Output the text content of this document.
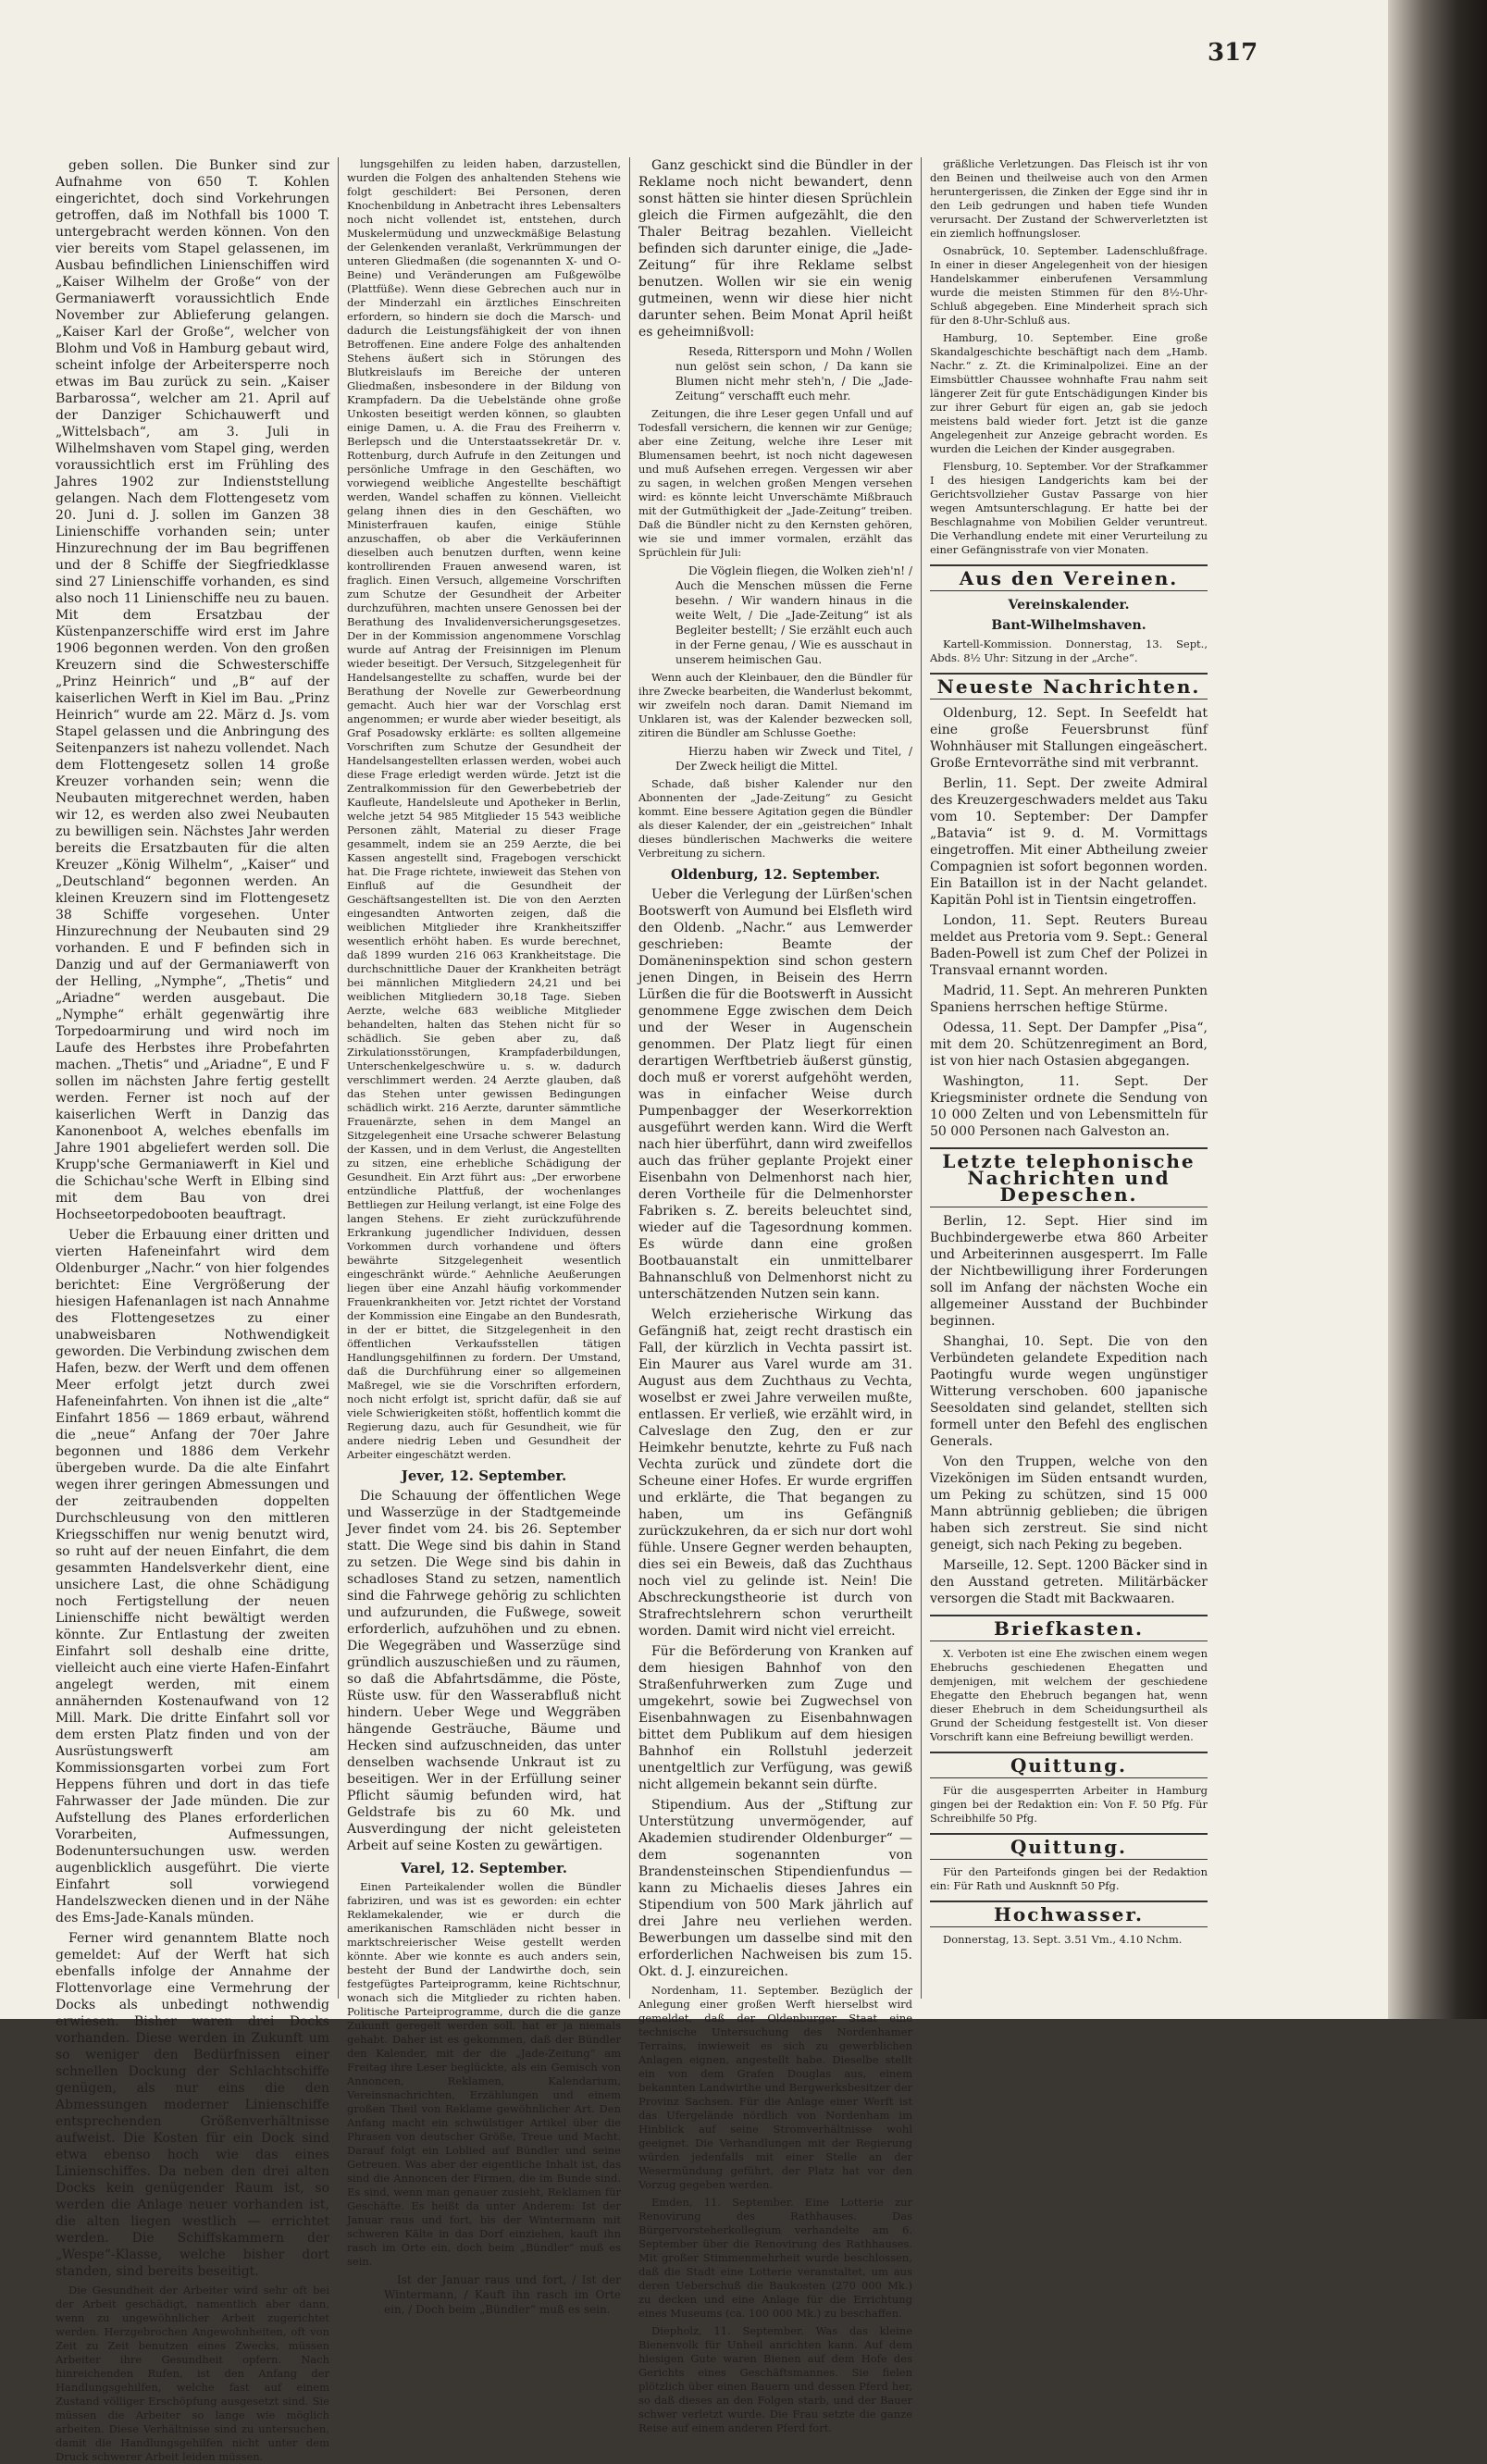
317

geben sollen. Die Bunker sind zur Aufnahme von 650 T. Kohlen eingerichtet, doch sind Vorkehrungen getroffen, daß im Nothfall bis 1000 T. untergebracht werden können. Von den vier bereits vom Stapel gelassenen, im Ausbau befindlichen Linienschiffen wird „Kaiser Wilhelm der Große“ von der Germaniawerft voraussichtlich Ende November zur Ablieferung gelangen. „Kaiser Karl der Große“, welcher von Blohm und Voß in Hamburg gebaut wird, scheint infolge der Arbeitersperre noch etwas im Bau zurück zu sein. „Kaiser Barbarossa“, welcher am 21. April auf der Danziger Schichauwerft und „Wittelsbach“, am 3. Juli in Wilhelmshaven vom Stapel ging, werden voraussichtlich erst im Frühling des Jahres 1902 zur Indienststellung gelangen. Nach dem Flottengesetz vom 20. Juni d. J. sollen im Ganzen 38 Linienschiffe vorhanden sein; unter Hinzurechnung der im Bau begriffenen und der 8 Schiffe der Siegfriedklasse sind 27 Linienschiffe vorhanden, es sind also noch 11 Linienschiffe neu zu bauen. Mit dem Ersatzbau der Küstenpanzerschiffe wird erst im Jahre 1906 begonnen werden. Von den großen Kreuzern sind die Schwesterschiffe „Prinz Heinrich“ und „B“ auf der kaiserlichen Werft in Kiel im Bau. „Prinz Heinrich“ wurde am 22. März d. Js. vom Stapel gelassen und die Anbringung des Seitenpanzers ist nahezu vollendet. Nach dem Flottengesetz sollen 14 große Kreuzer vorhanden sein; wenn die Neubauten mitgerechnet werden, haben wir 12, es werden also zwei Neubauten zu bewilligen sein. Nächstes Jahr werden bereits die Ersatzbauten für die alten Kreuzer „König Wilhelm“, „Kaiser“ und „Deutschland“ begonnen werden. An kleinen Kreuzern sind im Flottengesetz 38 Schiffe vorgesehen. Unter Hinzurechnung der Neubauten sind 29 vorhanden. E und F befinden sich in Danzig und auf der Germaniawerft von der Helling, „Nymphe“, „Thetis“ und „Ariadne“ werden ausgebaut. Die „Nymphe“ erhält gegenwärtig ihre Torpedoarmirung und wird noch im Laufe des Herbstes ihre Probefahrten machen. „Thetis“ und „Ariadne“, E und F sollen im nächsten Jahre fertig gestellt werden. Ferner ist noch auf der kaiserlichen Werft in Danzig das Kanonenboot A, welches ebenfalls im Jahre 1901 abgeliefert werden soll. Die Krupp'sche Germaniawerft in Kiel und die Schichau'sche Werft in Elbing sind mit dem Bau von drei Hochseetorpedobooten beauftragt.

Ueber die Erbauung einer dritten und vierten Hafeneinfahrt wird dem Oldenburger „Nachr.“ von hier folgendes berichtet: Eine Vergrößerung der hiesigen Hafenanlagen ist nach Annahme des Flottengesetzes zu einer unabweisbaren Nothwendigkeit geworden. Die Verbindung zwischen dem Hafen, bezw. der Werft und dem offenen Meer erfolgt jetzt durch zwei Hafeneinfahrten. Von ihnen ist die „alte“ Einfahrt 1856 — 1869 erbaut, während die „neue“ Anfang der 70er Jahre begonnen und 1886 dem Verkehr übergeben wurde. Da die alte Einfahrt wegen ihrer geringen Abmessungen und der zeitraubenden doppelten Durchschleusung von den mittleren Kriegsschiffen nur wenig benutzt wird, so ruht auf der neuen Einfahrt, die dem gesammten Handelsverkehr dient, eine unsichere Last, die ohne Schädigung noch Fertigstellung der neuen Linienschiffe nicht bewältigt werden könnte. Zur Entlastung der zweiten Einfahrt soll deshalb eine dritte, vielleicht auch eine vierte Hafen-Einfahrt angelegt werden, mit einem annähernden Kostenaufwand von 12 Mill. Mark. Die dritte Einfahrt soll vor dem ersten Platz finden und von der Ausrüstungswerft am Kommissionsgarten vorbei zum Fort Heppens führen und dort in das tiefe Fahrwasser der Jade münden. Die zur Aufstellung des Planes erforderlichen Vorarbeiten, Aufmessungen, Bodenuntersuchungen usw. werden augenblicklich ausgeführt. Die vierte Einfahrt soll vorwiegend Handelszwecken dienen und in der Nähe des Ems-Jade-Kanals münden.

Ferner wird genanntem Blatte noch gemeldet: Auf der Werft hat sich ebenfalls infolge der Annahme der Flottenvorlage eine Vermehrung der Docks als unbedingt nothwendig erwiesen. Bisher waren drei Docks vorhanden. Diese werden in Zukunft um so weniger den Bedürfnissen einer schnellen Dockung der Schlachtschiffe genügen, als nur eins die den Abmessungen moderner Linienschiffe entsprechenden Größenverhältnisse aufweist. Die Kosten für ein Dock sind etwa ebenso hoch wie das eines Linienschiffes. Da neben den drei alten Docks kein genügender Raum ist, so werden die Anlage neuer vorhanden ist, die alten liegen westlich — errichtet werden. Die Schiffskammern der „Wespe“-Klasse, welche bisher dort standen, sind bereits beseitigt.

Die Gesundheit der Arbeiter wird sehr oft bei der Arbeit geschädigt, namentlich aber dann, wenn zu ungewöhnlicher Arbeit zugerichtet werden. Herzgebrochen Angewohnheiten, oft von Zeit zu Zeit benutzen eines Zwecks, müssen Arbeiter ihre Gesundheit opfern. Nach hinreichenden Rufen, ist den Anfang der Handlungsgehilfen, welche fast auf einem Zustand völliger Erschöpfung ausgesetzt sind. Sie müssen die Arbeiter so lange wie möglich arbeiten. Diese Verhältnisse sind zu untersuchen, damit die Handlungsgehilfen nicht unter dem Druck schwerer Arbeit leiden müssen.

lungsgehilfen zu leiden haben, darzustellen, wurden die Folgen des anhaltenden Stehens wie folgt geschildert: Bei Personen, deren Knochenbildung in Anbetracht ihres Lebensalters noch nicht vollendet ist, entstehen, durch Muskelermüdung und unzweckmäßige Belastung der Gelenkenden veranlaßt, Verkrümmungen der unteren Gliedmaßen (die sogenannten X- und O-Beine) und Veränderungen am Fußgewölbe (Plattfüße). Wenn diese Gebrechen auch nur in der Minderzahl ein ärztliches Einschreiten erfordern, so hindern sie doch die Marsch- und dadurch die Leistungsfähigkeit der von ihnen Betroffenen. Eine andere Folge des anhaltenden Stehens äußert sich in Störungen des Blutkreislaufs im Bereiche der unteren Gliedmaßen, insbesondere in der Bildung von Krampfadern. Da die Uebelstände ohne große Unkosten beseitigt werden können, so glaubten einige Damen, u. A. die Frau des Freiherrn v. Berlepsch und die Unterstaatssekretär Dr. v. Rottenburg, durch Aufrufe in den Zeitungen und persönliche Umfrage in den Geschäften, wo vorwiegend weibliche Angestellte beschäftigt werden, Wandel schaffen zu können. Vielleicht gelang ihnen dies in den Geschäften, wo Ministerfrauen kaufen, einige Stühle anzuschaffen, ob aber die Verkäuferinnen dieselben auch benutzen durften, wenn keine kontrollirenden Frauen anwesend waren, ist fraglich. Einen Versuch, allgemeine Vorschriften zum Schutze der Gesundheit der Arbeiter durchzuführen, machten unsere Genossen bei der Berathung des Invalidenversicherungsgesetzes. Der in der Kommission angenommene Vorschlag wurde auf Antrag der Freisinnigen im Plenum wieder beseitigt. Der Versuch, Sitzgelegenheit für Handelsangestellte zu schaffen, wurde bei der Berathung der Novelle zur Gewerbeordnung gemacht. Auch hier war der Vorschlag erst angenommen; er wurde aber wieder beseitigt, als Graf Posadowsky erklärte: es sollten allgemeine Vorschriften zum Schutze der Gesundheit der Handelsangestellten erlassen werden, wobei auch diese Frage erledigt werden würde. Jetzt ist die Zentralkommission für den Gewerbebetrieb der Kaufleute, Handelsleute und Apotheker in Berlin, welche jetzt 54 985 Mitglieder 15 543 weibliche Personen zählt, Material zu dieser Frage gesammelt, indem sie an 259 Aerzte, die bei Kassen angestellt sind, Fragebogen verschickt hat. Die Frage richtete, inwieweit das Stehen von Einfluß auf die Gesundheit der Geschäftsangestellten ist. Die von den Aerzten eingesandten Antworten zeigen, daß die weiblichen Mitglieder ihre Krankheitsziffer wesentlich erhöht haben. Es wurde berechnet, daß 1899 wurden 216 063 Krankheitstage. Die durchschnittliche Dauer der Krankheiten beträgt bei männlichen Mitgliedern 24,21 und bei weiblichen Mitgliedern 30,18 Tage. Sieben Aerzte, welche 683 weibliche Mitglieder behandelten, halten das Stehen nicht für so schädlich. Sie geben aber zu, daß Zirkulationsstörungen, Krampfaderbildungen, Unterschenkelgeschwüre u. s. w. dadurch verschlimmert werden. 24 Aerzte glauben, daß das Stehen unter gewissen Bedingungen schädlich wirkt. 216 Aerzte, darunter sämmtliche Frauenärzte, sehen in dem Mangel an Sitzgelegenheit eine Ursache schwerer Belastung der Kassen, und in dem Verlust, die Angestellten zu sitzen, eine erhebliche Schädigung der Gesundheit. Ein Arzt führt aus: „Der erworbene entzündliche Plattfuß, der wochenlanges Bettliegen zur Heilung verlangt, ist eine Folge des langen Stehens. Er zieht zurückzuführende Erkrankung jugendlicher Individuen, dessen Vorkommen durch vorhandene und öfters bewährte Sitzgelegenheit wesentlich eingeschränkt würde.“ Aehnliche Aeußerungen liegen über eine Anzahl häufig vorkommender Frauenkrankheiten vor. Jetzt richtet der Vorstand der Kommission eine Eingabe an den Bundesrath, in der er bittet, die Sitzgelegenheit in den öffentlichen Verkaufsstellen tätigen Handlungsgehilfinnen zu fordern. Der Umstand, daß die Durchführung einer so allgemeinen Maßregel, wie sie die Vorschriften erfordern, noch nicht erfolgt ist, spricht dafür, daß sie auf viele Schwierigkeiten stößt, hoffentlich kommt die Regierung dazu, auch für Gesundheit, wie für andere niedrig Leben und Gesundheit der Arbeiter eingeschätzt werden.

Jever, 12. September.

Die Schauung der öffentlichen Wege und Wasserzüge in der Stadtgemeinde Jever findet vom 24. bis 26. September statt. Die Wege sind bis dahin in Stand zu setzen. Die Wege sind bis dahin in schadloses Stand zu setzen, namentlich sind die Fahrwege gehörig zu schlichten und aufzurunden, die Fußwege, soweit erforderlich, aufzuhöhen und zu ebnen. Die Wegegräben und Wasserzüge sind gründlich auszuschießen und zu räumen, so daß die Abfahrtsdämme, die Pöste, Rüste usw. für den Wasserabfluß nicht hindern. Ueber Wege und Weggräben hängende Gesträuche, Bäume und Hecken sind aufzuschneiden, das unter denselben wachsende Unkraut ist zu beseitigen. Wer in der Erfüllung seiner Pflicht säumig befunden wird, hat Geldstrafe bis zu 60 Mk. und Ausverdingung der nicht geleisteten Arbeit auf seine Kosten zu gewärtigen.

Varel, 12. September.

Einen Parteikalender wollen die Bündler fabriziren, und was ist es geworden: ein echter Reklamekalender, wie er durch die amerikanischen Ramschläden nicht besser in marktschreierischer Weise gestellt werden könnte. Aber wie konnte es auch anders sein, besteht der Bund der Landwirthe doch, sein festgefügtes Parteiprogramm, keine Richtschnur, wonach sich die Mitglieder zu richten haben. Politische Parteiprogramme, durch die die ganze Zukunft geregelt werden soll, hat er ja niemals gehabt. Daher ist es gekommen, daß der Bündler den Kalender, mit der die „Jade-Zeitung“ am Freitag ihre Leser beglückte, als ein Gemisch von Annoncen, Reklamen, Kalendarium, Vereinsnachrichten, Erzählungen und einem großen Theil von Reklame gewöhnlicher Art. Den Anfang macht ein schwülstiger Artikel über die Phrasen von deutscher Größe, Treue und Macht. Darauf folgt ein Loblied auf Bündler und seine Getreuen. Was aber der eigentliche Inhalt ist, das sind die Annoncen der Firmen, die im Bunde sind. Es sind, wenn man genauer zusieht, Reklamen für Geschäfte. Es heißt da unter Anderem: Ist der Januar raus und fort, bis der Wintermann mit schweren Kälte in das Dorf einziehen, kauft ihn rasch im Orte ein, doch beim „Bündler“ muß es sein.

Ist der Januar raus und fort, / Ist der Wintermann, / Kauft ihn rasch im Orte ein, / Doch beim „Bündler“ muß es sein.

Ganz geschickt sind die Bündler in der Reklame noch nicht bewandert, denn sonst hätten sie hinter diesen Sprüchlein gleich die Firmen aufgezählt, die den Thaler Beitrag bezahlen. Vielleicht befinden sich darunter einige, die „Jade-Zeitung“ für ihre Reklame selbst benutzen. Wollen wir sie ein wenig gutmeinen, wenn wir diese hier nicht darunter sehen. Beim Monat April heißt es geheimnißvoll:

Reseda, Rittersporn und Mohn / Wollen nun gelöst sein schon, / Da kann sie Blumen nicht mehr steh'n, / Die „Jade-Zeitung“ verschafft euch mehr.

Zeitungen, die ihre Leser gegen Unfall und auf Todesfall versichern, die kennen wir zur Genüge; aber eine Zeitung, welche ihre Leser mit Blumensamen beehrt, ist noch nicht dagewesen und muß Aufsehen erregen. Vergessen wir aber zu sagen, in welchen großen Mengen versehen wird: es könnte leicht Unverschämte Mißbrauch mit der Gutmüthigkeit der „Jade-Zeitung“ treiben. Daß die Bündler nicht zu den Kernsten gehören, wie sie und immer vormalen, erzählt das Sprüchlein für Juli:

Die Vöglein fliegen, die Wolken zieh'n! / Auch die Menschen müssen die Ferne besehn. / Wir wandern hinaus in die weite Welt, / Die „Jade-Zeitung“ ist als Begleiter bestellt; / Sie erzählt euch auch in der Ferne genau, / Wie es ausschaut in unserem heimischen Gau.

Wenn auch der Kleinbauer, den die Bündler für ihre Zwecke bearbeiten, die Wanderlust bekommt, wir zweifeln noch daran. Damit Niemand im Unklaren ist, was der Kalender bezwecken soll, zitiren die Bündler am Schlusse Goethe:

Hierzu haben wir Zweck und Titel, / Der Zweck heiligt die Mittel.

Schade, daß bisher Kalender nur den Abonnenten der „Jade-Zeitung“ zu Gesicht kommt. Eine bessere Agitation gegen die Bündler als dieser Kalender, der ein „geistreichen“ Inhalt dieses bündlerischen Machwerks die weitere Verbreitung zu sichern.

Oldenburg, 12. September.

Ueber die Verlegung der Lürßen'schen Bootswerft von Aumund bei Elsfleth wird den Oldenb. „Nachr.“ aus Lemwerder geschrieben: Beamte der Domäneninspektion sind schon gestern jenen Dingen, in Beisein des Herrn Lürßen die für die Bootswerft in Aussicht genommene Egge zwischen dem Deich und der Weser in Augenschein genommen. Der Platz liegt für einen derartigen Werftbetrieb äußerst günstig, doch muß er vorerst aufgehöht werden, was in einfacher Weise durch Pumpenbagger der Weserkorrektion ausgeführt werden kann. Wird die Werft nach hier überführt, dann wird zweifellos auch das früher geplante Projekt einer Eisenbahn von Delmenhorst nach hier, deren Vortheile für die Delmenhorster Fabriken s. Z. bereits beleuchtet sind, wieder auf die Tagesordnung kommen. Es würde dann eine großen Bootbauanstalt ein unmittelbarer Bahnanschluß von Delmenhorst nicht zu unterschätzenden Nutzen sein kann.

Welch erzieherische Wirkung das Gefängniß hat, zeigt recht drastisch ein Fall, der kürzlich in Vechta passirt ist. Ein Maurer aus Varel wurde am 31. August aus dem Zuchthaus zu Vechta, woselbst er zwei Jahre verweilen mußte, entlassen. Er verließ, wie erzählt wird, in Calveslage den Zug, den er zur Heimkehr benutzte, kehrte zu Fuß nach Vechta zurück und zündete dort die Scheune einer Hofes. Er wurde ergriffen und erklärte, die That begangen zu haben, um ins Gefängniß zurückzukehren, da er sich nur dort wohl fühle. Unsere Gegner werden behaupten, dies sei ein Beweis, daß das Zuchthaus noch viel zu gelinde ist. Nein! Die Abschreckungstheorie ist durch von Strafrechtslehrern schon verurtheilt worden. Damit wird nicht viel erreicht.

Für die Beförderung von Kranken auf dem hiesigen Bahnhof von den Straßenfuhrwerken zum Zuge und umgekehrt, sowie bei Zugwechsel von Eisenbahnwagen zu Eisenbahnwagen bittet dem Publikum auf dem hiesigen Bahnhof ein Rollstuhl jederzeit unentgeltlich zur Verfügung, was gewiß nicht allgemein bekannt sein dürfte.

Stipendium. Aus der „Stiftung zur Unterstützung unvermögender, auf Akademien studirender Oldenburger“ — dem sogenannten von Brandensteinschen Stipendienfundus — kann zu Michaelis dieses Jahres ein Stipendium von 500 Mark jährlich auf drei Jahre neu verliehen werden. Bewerbungen um dasselbe sind mit den erforderlichen Nachweisen bis zum 15. Okt. d. J. einzureichen.

Nordenham, 11. September. Bezüglich der Anlegung einer großen Werft hierselbst wird gemeldet, daß der Oldenburger Staat eine technische Untersuchung des Nordenhamer Terrains, inwieweit es sich zu gewerblichen Anlagen eignen, angestellt habe. Dieselbe stellt ein von dem Grafen Douglas aus, einem bekannten Landwirthe und Bergwerksbesitzer der Provinz Sachsen. Für die Anlage einer Werft ist das Ufergelände nördlich von Nordenham im Hinblick auf seine Stromverhältnisse wohl geeignet. Die Verhandlungen mit der Regierung würden jedenfalls mit einer Stelle an der Wesermündung geführt, der Platz hat vor den Vorzug gegeben werden.

Emden, 11. September. Eine Lotterie zur Renovirung des Rathhauses. Das Bürgervorsteherkollegium verhandelte am 6. September über die Renovirung des Rathhauses. Mit großer Stimmenmehrheit wurde beschlossen, daß die Stadt eine Lotterie veranstaltet, um aus deren Ueberschuß die Baukosten (270 000 Mk.) zu decken und eine Anlage für die Errichtung eines Museums (ca. 100 000 Mk.) zu beschaffen.

Diepholz, 11. September. Was das kleine Bienenvolk für Unheil anrichten kann. Auf dem hiesigen Gute waren Bienen auf dem Hofe des Gerichts eines Geschäftsmannes. Sie fielen plötzlich über einen Bauern und dessen Pferd her, so daß dieses an den Folgen starb, und der Bauer schwer verletzt wurde. Die Frau setzte die ganze Reise auf einem anderen Pferd fort.

gräßliche Verletzungen. Das Fleisch ist ihr von den Beinen und theilweise auch von den Armen heruntergerissen, die Zinken der Egge sind ihr in den Leib gedrungen und haben tiefe Wunden verursacht. Der Zustand der Schwerverletzten ist ein ziemlich hoffnungsloser.

Osnabrück, 10. September. Ladenschlußfrage. In einer in dieser Angelegenheit von der hiesigen Handelskammer einberufenen Versammlung wurde die meisten Stimmen für den 8½-Uhr-Schluß abgegeben. Eine Minderheit sprach sich für den 8-Uhr-Schluß aus.

Hamburg, 10. September. Eine große Skandalgeschichte beschäftigt nach dem „Hamb. Nachr.“ z. Zt. die Kriminalpolizei. Eine an der Eimsbüttler Chaussee wohnhafte Frau nahm seit längerer Zeit für gute Entschädigungen Kinder bis zur ihrer Geburt für eigen an, gab sie jedoch meistens bald wieder fort. Jetzt ist die ganze Angelegenheit zur Anzeige gebracht worden. Es wurden die Leichen der Kinder ausgegraben.

Flensburg, 10. September. Vor der Strafkammer I des hiesigen Landgerichts kam bei der Gerichtsvollzieher Gustav Passarge von hier wegen Amtsunterschlagung. Er hatte bei der Beschlagnahme von Mobilien Gelder veruntreut. Die Verhandlung endete mit einer Verurteilung zu einer Gefängnisstrafe von vier Monaten.

Aus den Vereinen.
Vereinskalender.
Bant-Wilhelmshaven.

Kartell-Kommission. Donnerstag, 13. Sept., Abds. 8½ Uhr: Sitzung in der „Arche“.

Neueste Nachrichten.

Oldenburg, 12. Sept. In Seefeldt hat eine große Feuersbrunst fünf Wohnhäuser mit Stallungen eingeäschert. Große Erntevorräthe sind mit verbrannt.

Berlin, 11. Sept. Der zweite Admiral des Kreuzergeschwaders meldet aus Taku vom 10. September: Der Dampfer „Batavia“ ist 9. d. M. Vormittags eingetroffen. Mit einer Abtheilung zweier Compagnien ist sofort begonnen worden. Ein Bataillon ist in der Nacht gelandet. Kapitän Pohl ist in Tientsin eingetroffen.

London, 11. Sept. Reuters Bureau meldet aus Pretoria vom 9. Sept.: General Baden-Powell ist zum Chef der Polizei in Transvaal ernannt worden.

Madrid, 11. Sept. An mehreren Punkten Spaniens herrschen heftige Stürme.

Odessa, 11. Sept. Der Dampfer „Pisa“, mit dem 20. Schützenregiment an Bord, ist von hier nach Ostasien abgegangen.

Washington, 11. Sept. Der Kriegsminister ordnete die Sendung von 10 000 Zelten und von Lebensmitteln für 50 000 Personen nach Galveston an.

Letzte telephonische Nachrichten und Depeschen.

Berlin, 12. Sept. Hier sind im Buchbindergewerbe etwa 860 Arbeiter und Arbeiterinnen ausgesperrt. Im Falle der Nichtbewilligung ihrer Forderungen soll im Anfang der nächsten Woche ein allgemeiner Ausstand der Buchbinder beginnen.

Shanghai, 10. Sept. Die von den Verbündeten gelandete Expedition nach Paotingfu wurde wegen ungünstiger Witterung verschoben. 600 japanische Seesoldaten sind gelandet, stellten sich formell unter den Befehl des englischen Generals.

Von den Truppen, welche von den Vizekönigen im Süden entsandt wurden, um Peking zu schützen, sind 15 000 Mann abtrünnig geblieben; die übrigen haben sich zerstreut. Sie sind nicht geneigt, sich nach Peking zu begeben.

Marseille, 12. Sept. 1200 Bäcker sind in den Ausstand getreten. Militärbäcker versorgen die Stadt mit Backwaaren.

Briefkasten.

X. Verboten ist eine Ehe zwischen einem wegen Ehebruchs geschiedenen Ehegatten und demjenigen, mit welchem der geschiedene Ehegatte den Ehebruch begangen hat, wenn dieser Ehebruch in dem Scheidungsurtheil als Grund der Scheidung festgestellt ist. Von dieser Vorschrift kann eine Befreiung bewilligt werden.

Quittung.

Für die ausgesperrten Arbeiter in Hamburg gingen bei der Redaktion ein: Von F. 50 Pfg. Für Schreibhilfe 50 Pfg.

Quittung.

Für den Parteifonds gingen bei der Redaktion ein: Für Rath und Ausknnft 50 Pfg.

Hochwasser.

Donnerstag, 13. Sept. 3.51 Vm., 4.10 Nchm.
